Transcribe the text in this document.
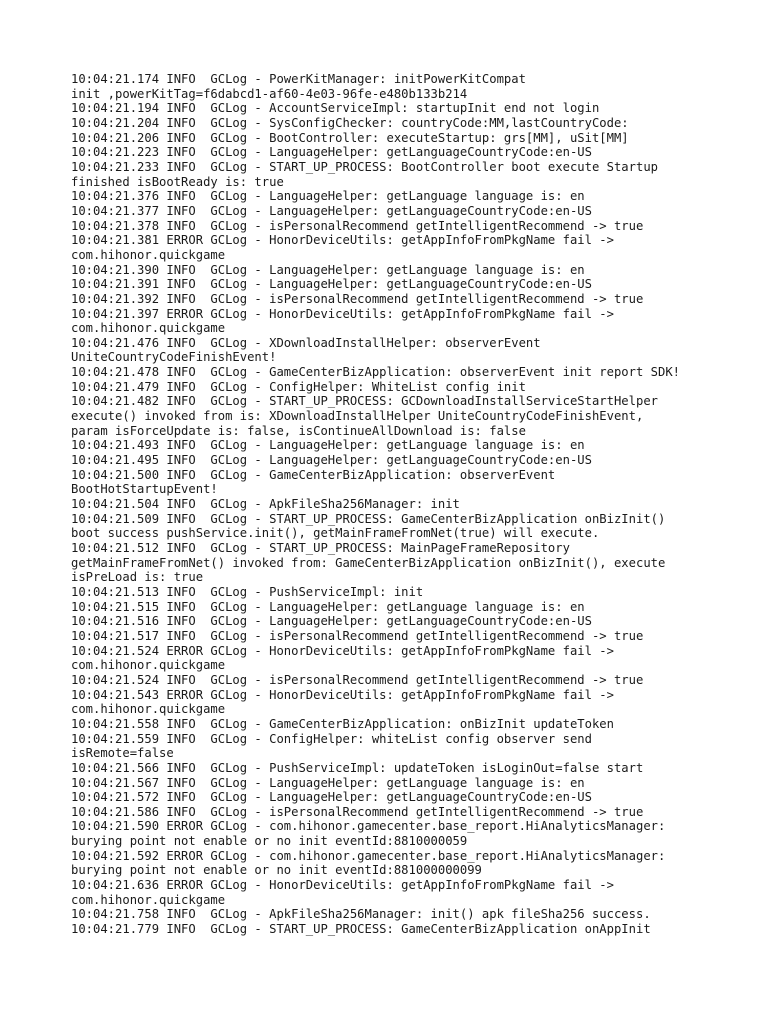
10:04:21.174 INFO  GCLog - PowerKitManager: initPowerKitCompat
init ,powerKitTag=f6dabcd1-af60-4e03-96fe-e480b133b214
10:04:21.194 INFO  GCLog - AccountServiceImpl: startupInit end not login
10:04:21.204 INFO  GCLog - SysConfigChecker: countryCode:MM,lastCountryCode:
10:04:21.206 INFO  GCLog - BootController: executeStartup: grs[MM], uSit[MM]
10:04:21.223 INFO  GCLog - LanguageHelper: getLanguageCountryCode:en-US
10:04:21.233 INFO  GCLog - START_UP_PROCESS: BootController boot execute Startup
finished isBootReady is: true
10:04:21.376 INFO  GCLog - LanguageHelper: getLanguage language is: en
10:04:21.377 INFO  GCLog - LanguageHelper: getLanguageCountryCode:en-US
10:04:21.378 INFO  GCLog - isPersonalRecommend getIntelligentRecommend -> true
10:04:21.381 ERROR GCLog - HonorDeviceUtils: getAppInfoFromPkgName fail ->
com.hihonor.quickgame
10:04:21.390 INFO  GCLog - LanguageHelper: getLanguage language is: en
10:04:21.391 INFO  GCLog - LanguageHelper: getLanguageCountryCode:en-US
10:04:21.392 INFO  GCLog - isPersonalRecommend getIntelligentRecommend -> true
10:04:21.397 ERROR GCLog - HonorDeviceUtils: getAppInfoFromPkgName fail ->
com.hihonor.quickgame
10:04:21.476 INFO  GCLog - XDownloadInstallHelper: observerEvent
UniteCountryCodeFinishEvent!
10:04:21.478 INFO  GCLog - GameCenterBizApplication: observerEvent init report SDK!
10:04:21.479 INFO  GCLog - ConfigHelper: WhiteList config init
10:04:21.482 INFO  GCLog - START_UP_PROCESS: GCDownloadInstallServiceStartHelper
execute() invoked from is: XDownloadInstallHelper UniteCountryCodeFinishEvent,
param isForceUpdate is: false, isContinueAllDownload is: false
10:04:21.493 INFO  GCLog - LanguageHelper: getLanguage language is: en
10:04:21.495 INFO  GCLog - LanguageHelper: getLanguageCountryCode:en-US
10:04:21.500 INFO  GCLog - GameCenterBizApplication: observerEvent
BootHotStartupEvent!
10:04:21.504 INFO  GCLog - ApkFileSha256Manager: init
10:04:21.509 INFO  GCLog - START_UP_PROCESS: GameCenterBizApplication onBizInit()
boot success pushService.init(), getMainFrameFromNet(true) will execute.
10:04:21.512 INFO  GCLog - START_UP_PROCESS: MainPageFrameRepository
getMainFrameFromNet() invoked from: GameCenterBizApplication onBizInit(), execute
isPreLoad is: true
10:04:21.513 INFO  GCLog - PushServiceImpl: init
10:04:21.515 INFO  GCLog - LanguageHelper: getLanguage language is: en
10:04:21.516 INFO  GCLog - LanguageHelper: getLanguageCountryCode:en-US
10:04:21.517 INFO  GCLog - isPersonalRecommend getIntelligentRecommend -> true
10:04:21.524 ERROR GCLog - HonorDeviceUtils: getAppInfoFromPkgName fail ->
com.hihonor.quickgame
10:04:21.524 INFO  GCLog - isPersonalRecommend getIntelligentRecommend -> true
10:04:21.543 ERROR GCLog - HonorDeviceUtils: getAppInfoFromPkgName fail ->
com.hihonor.quickgame
10:04:21.558 INFO  GCLog - GameCenterBizApplication: onBizInit updateToken
10:04:21.559 INFO  GCLog - ConfigHelper: whiteList config observer send
isRemote=false
10:04:21.566 INFO  GCLog - PushServiceImpl: updateToken isLoginOut=false start
10:04:21.567 INFO  GCLog - LanguageHelper: getLanguage language is: en
10:04:21.572 INFO  GCLog - LanguageHelper: getLanguageCountryCode:en-US
10:04:21.586 INFO  GCLog - isPersonalRecommend getIntelligentRecommend -> true
10:04:21.590 ERROR GCLog - com.hihonor.gamecenter.base_report.HiAnalyticsManager:
burying point not enable or no init eventId:8810000059
10:04:21.592 ERROR GCLog - com.hihonor.gamecenter.base_report.HiAnalyticsManager:
burying point not enable or no init eventId:881000000099
10:04:21.636 ERROR GCLog - HonorDeviceUtils: getAppInfoFromPkgName fail ->
com.hihonor.quickgame
10:04:21.758 INFO  GCLog - ApkFileSha256Manager: init() apk fileSha256 success.
10:04:21.779 INFO  GCLog - START_UP_PROCESS: GameCenterBizApplication onAppInit
